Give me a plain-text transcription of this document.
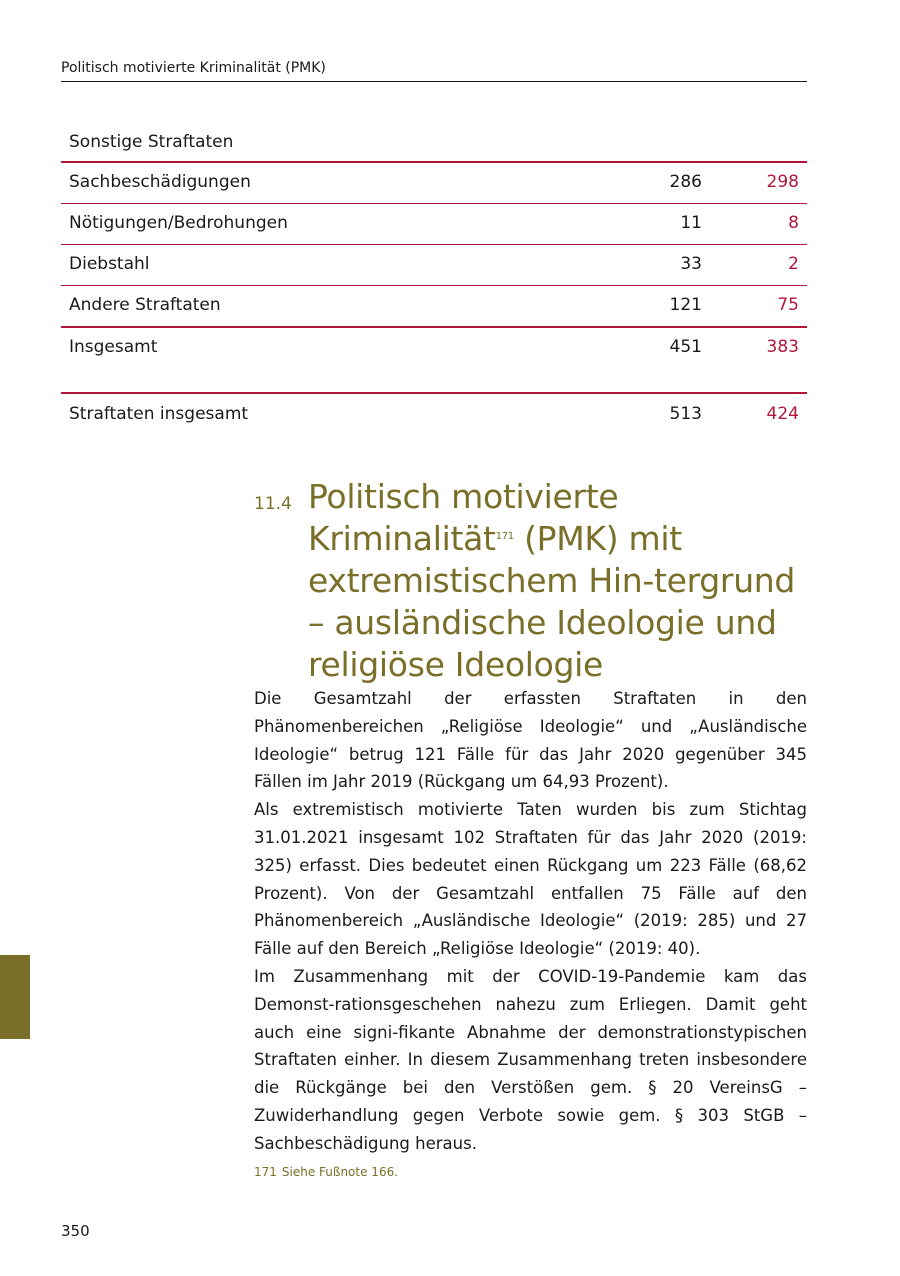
Politisch motivierte Kriminalität (PMK)
Sonstige Straftaten
Sachbeschädigungen	286	298
Nötigungen/Bedrohungen	11	8
Diebstahl	33	2
Andere Straftaten	121	75
Insgesamt	451	383
Straftaten insgesamt	513	424
11.4 Politisch motivierte Kriminalität$^{171}$ (PMK) mit extremistischem Hin-tergrund – ausländische Ideologie und religiöse Ideologie

Die Gesamtzahl der erfassten Straftaten in den Phänomenbereichen „Religiöse Ideologie“ und „Ausländische Ideologie“ betrug 121 Fälle für das Jahr 2020 gegenüber 345 Fällen im Jahr 2019 (Rückgang um 64,93 Prozent).

Als extremistisch motivierte Taten wurden bis zum Stichtag 31.01.2021 insgesamt 102 Straftaten für das Jahr 2020 (2019: 325) erfasst. Dies bedeutet einen Rückgang um 223 Fälle (68,62 Prozent). Von der Gesamtzahl entfallen 75 Fälle auf den Phänomenbereich „Ausländische Ideologie“ (2019: 285) und 27 Fälle auf den Bereich „Religiöse Ideologie“ (2019: 40).

Im Zusammenhang mit der COVID-19-Pandemie kam das Demonst-rationsgeschehen nahezu zum Erliegen. Damit geht auch eine signi-fikante Abnahme der demonstrationstypischen Straftaten einher. In diesem Zusammenhang treten insbesondere die Rückgänge bei den Verstößen gem. § 20 VereinsG – Zuwiderhandlung gegen Verbote sowie gem. § 303 StGB – Sachbeschädigung heraus.

171 Siehe Fußnote 166.
350
